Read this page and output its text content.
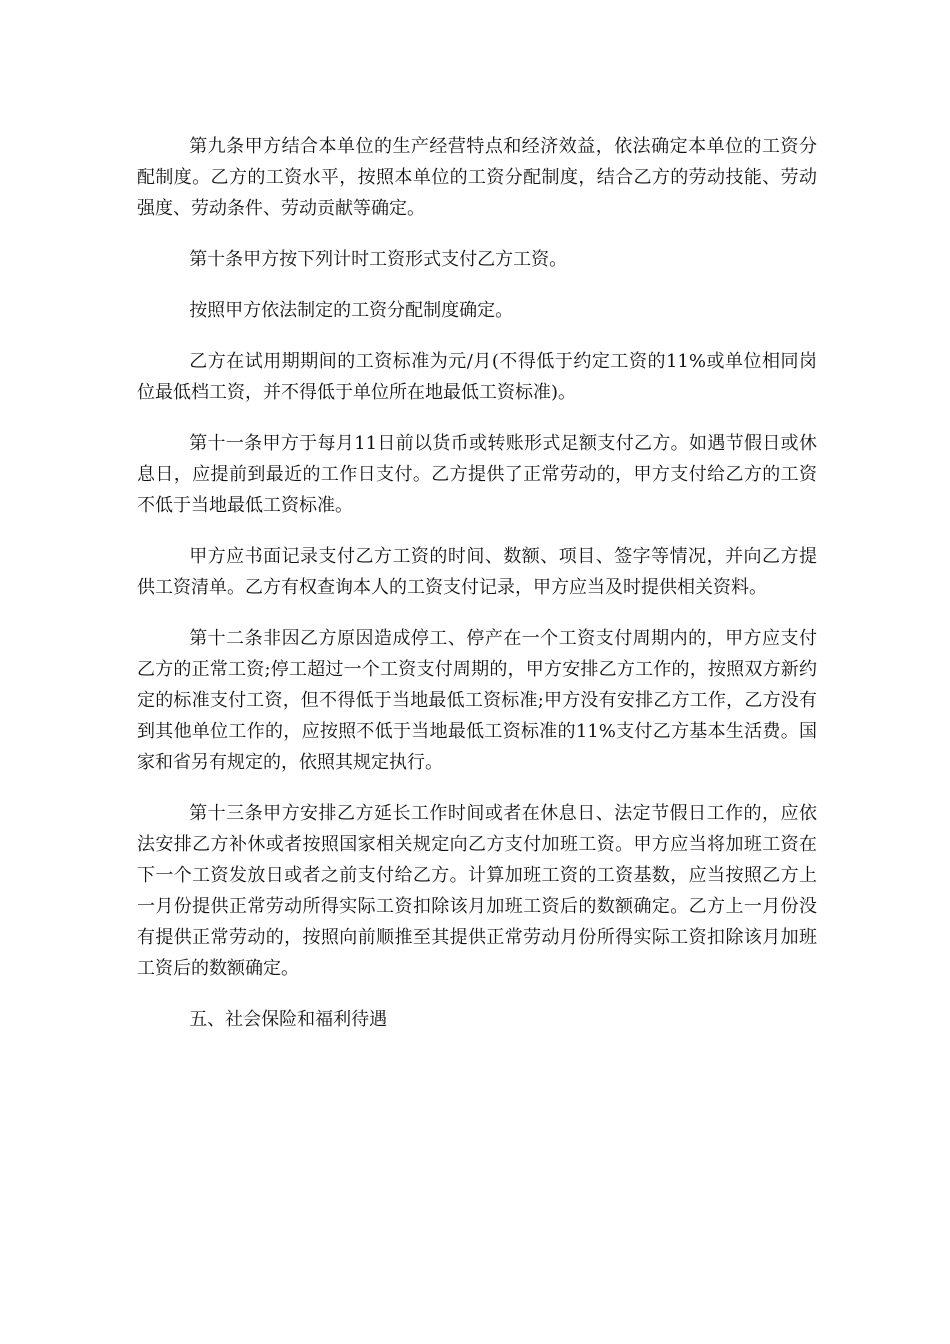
第九条甲方结合本单位的生产经营特点和经济效益，依法确定本单位的工资分配制度。乙方的工资水平，按照本单位的工资分配制度，结合乙方的劳动技能、劳动强度、劳动条件、劳动贡献等确定。

第十条甲方按下列计时工资形式支付乙方工资。

按照甲方依法制定的工资分配制度确定。

乙方在试用期期间的工资标准为元/月(不得低于约定工资的11%或单位相同岗位最低档工资，并不得低于单位所在地最低工资标准)。

第十一条甲方于每月11日前以货币或转账形式足额支付乙方。如遇节假日或休息日，应提前到最近的工作日支付。乙方提供了正常劳动的，甲方支付给乙方的工资不低于当地最低工资标准。

甲方应书面记录支付乙方工资的时间、数额、项目、签字等情况，并向乙方提供工资清单。乙方有权查询本人的工资支付记录，甲方应当及时提供相关资料。

第十二条非因乙方原因造成停工、停产在一个工资支付周期内的，甲方应支付乙方的正常工资;停工超过一个工资支付周期的，甲方安排乙方工作的，按照双方新约定的标准支付工资，但不得低于当地最低工资标准;甲方没有安排乙方工作，乙方没有到其他单位工作的，应按照不低于当地最低工资标准的11%支付乙方基本生活费。国家和省另有规定的，依照其规定执行。

第十三条甲方安排乙方延长工作时间或者在休息日、法定节假日工作的，应依法安排乙方补休或者按照国家相关规定向乙方支付加班工资。甲方应当将加班工资在下一个工资发放日或者之前支付给乙方。计算加班工资的工资基数，应当按照乙方上一月份提供正常劳动所得实际工资扣除该月加班工资后的数额确定。乙方上一月份没有提供正常劳动的，按照向前顺推至其提供正常劳动月份所得实际工资扣除该月加班工资后的数额确定。

五、社会保险和福利待遇
